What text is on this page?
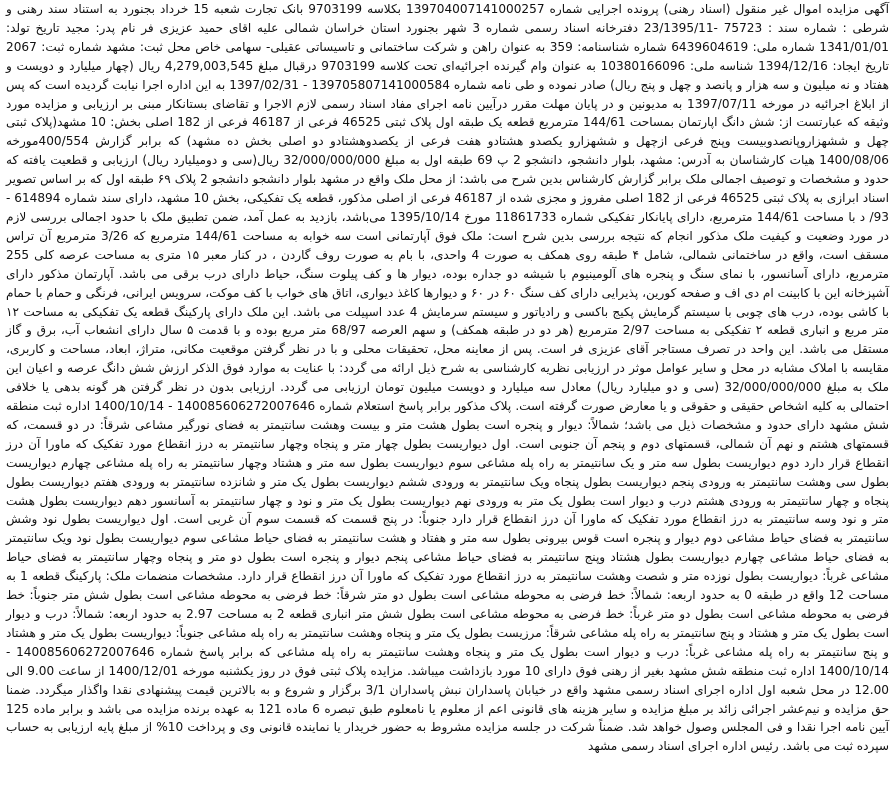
آگهی مزایده اموال غیر منقول (اسناد رهنی) پرونده اجرایی شماره 139704007141000257 بکلاسه 9703199 بانک تجارت شعبه 15 خرداد بجنورد به استناد سند رهنی و شرطی : شماره سند : 75723 -23/1395/11 دفترخانه اسناد رسمی شماره 3 شهر بجنورد استان خراسان شمالی علیه اقای حمید عزیزی فر نام پدر: مجید تاریخ تولد: 1341/01/01 شماره ملی: 6439604619 شماره شناسنامه: 359 به عنوان راهن و شرکت ساختمانی و تاسیساتی عقیلی- سهامی خاص محل ثبت: مشهد شماره ثبت: 2067 تاریخ ایجاد: 1394/12/16 شناسه ملی: 10380166096 به عنوان وام گیرنده اجرائیه‌ای تحت کلاسه 9703199 درقبال مبلغ 4,279,003,545 ریال (چهار میلیارد و دویست و هفتاد و نه میلیون و سه هزار و پانصد و چهل و پنج ریال) صادر نموده و طی نامه شماره 139705807141000584 - 1397/02/31 به این اداره اجرا نیابت گردیده است که پس از ابلاغ اجرائیه در مورخه 1397/07/11 به مدیونین و در پایان مهلت مقرر درآیین نامه اجرای مفاد اسناد رسمی لازم الاجرا و تقاضای بستانکار مبنی بر ارزیابی و مزایده مورد وثیقه که عبارتست از: شش دانگ اپارتمان بمساحت 144/61 مترمربع قطعه یک طبقه اول پلاک ثبتی 46525 فرعی از 46187 فرعی از 182 اصلی بخش: 10 مشهد(پلاک ثبتی چهل و ششهزاروپانصدوبیست وپنج فرعی ازچهل و ششهزارو یکصدو هشتادو هفت فرعی از یکصدوهشتادو دو اصلی بخش ده مشهد) که برابر گزارش 400/554مورخه 1400/08/06 هیات کارشناسان به آدرس: مشهد، بلوار دانشجو، دانشجو 2 پ 69 طبقه اول به مبلغ 32/000/000/000 ریال(سی و دومیلیارد ریال) ارزیابی و قطعیت یافته که حدود و مشخصات و توصیف اجمالی ملک برابر گزارش کارشناس بدین شرح می باشد: از محل ملک واقع در مشهد بلوار دانشجو دانشجو 2 پلاک ۶۹ طبقه اول که بر اساس تصویر اسناد ابرازی به پلاک ثبتی 46525 فرعی از 182 اصلی مفروز و مجزی شده از 46187 فرعی از اصلی مذکور، قطعه یک تفکیکی، بخش 10 مشهد، دارای سند شماره 614894 - 93/ د با مساحت 144/61 مترمربع، دارای پایانکار تفکیکی شماره 11861733 مورخ 1395/10/14 می‌باشد، بازدید به عمل آمد، ضمن تطبیق ملک با حدود اجمالی بررسی لازم در مورد وضعیت و کیفیت ملک مذکور انجام که نتیجه بررسی بدین شرح است: ملک فوق آپارتمانی است سه خوابه به مساحت 144/61 مترمربع که 3/26 مترمربع آن تراس مسقف است، واقع در ساختمانی شمالی، شامل ۴ طبقه روی همکف به صورت 4 واحدی، با بام به صورت روف گاردن ، در کنار معبر ۱۵ متری به مساحت عرصه کلی 255 مترمربع، دارای آسانسور، با نمای سنگ و پنجره های آلومینیوم با شیشه دو جداره بوده، دیوار ها و کف پیلوت سنگ، حیاط دارای درب برقی می باشد. آپارتمان مذکور دارای آشپزخانه این با کابینت ام دی اف و صفحه کورین، پذیرایی دارای کف سنگ ۶۰ در ۶۰ و دیوارها کاغذ دیواری، اتاق های خواب با کف موکت، سرویس ایرانی، فرنگی و حمام با حمام با کاشی بوده، درب های چوبی با سیستم گرمایش پکیج باکسی و رادیاتور و سیستم سرمایش 4 عدد اسپیلت می باشد. این ملک دارای پارکینگ قطعه یک تفکیکی به مساحت ۱۲ متر مربع و انباری قطعه ۲ تفکیکی به مساحت 2/97 مترمربع (هر دو در طبقه همکف) و سهم العرصه 68/97 متر مربع بوده و با قدمت ۵ سال دارای انشعاب آب، برق و گاز مستقل می باشد. این واحد در تصرف مستاجر آقای عزیزی فر است. پس از معاینه محل، تحقیقات محلی و با در نظر گرفتن موقعیت مکانی، متراژ، ابعاد، مساحت و کاربری، مقایسه با املاک مشابه در محل و سایر عوامل موثر در ارزیابی نظریه کارشناسی به شرح ذیل ارائه می گردد: با عنایت به موارد فوق الذکر ارزش شش دانگ عرصه و اعیان این ملک به مبلغ 32/000/000/000 (سی و دو میلیارد ریال) معادل سه میلیارد و دویست میلیون تومان ارزیابی می گردد. ارزیابی بدون در نظر گرفتن هر گونه بدهی یا خلافی احتمالی به کلیه اشخاص حقیقی و حقوقی و یا معارض صورت گرفته است. پلاک مذکور برابر پاسخ استعلام شماره 140085606272007646 - 1400/10/14 اداره ثبت منطقه شش مشهد دارای حدود و مشخصات ذیل می باشد؛ شمالاً: دیوار و پنجره است بطول هشت متر و بیست وهشت سانتیمتر به فضای نورگیر مشاعی شرقاً: در دو قسمت، که قسمتهای هشتم و نهم آن شمالی، قسمتهای دوم و پنجم آن جنوبی است. اول دیواریست بطول چهار متر و پنجاه وچهار سانتیمتر به درز انقطاع مورد تفکیک که ماورا آن درز انقطاع قرار دارد دوم دیواریست بطول سه متر و یک سانتیمتر به راه پله مشاعی سوم دیواریست بطول سه متر و هشتاد وچهار سانتیمتر به راه پله مشاعی چهارم دیواریست بطول سی وهشت سانتیمتر به ورودی پنجم دیواریست بطول پنجاه ویک سانتیمتر به ورودی ششم دیواریست بطول یک متر و شانزده سانتیمتر به ورودی هفتم دیواریست بطول پنجاه و چهار سانتیمتر به ورودی هشتم درب و دیوار است بطول یک متر به ورودی نهم دیواریست بطول یک متر و نود و چهار سانتیمتر به آسانسور دهم دیواریست بطول هشت متر و نود وسه سانتیمتر به درز انقطاع مورد تفکیک که ماورا آن درز انقطاع قرار دارد جنوباً: در پنج قسمت که قسمت سوم آن غربی است. اول دیواریست بطول نود وشش سانتیمتر به فضای حیاط مشاعی دوم دیوار و پنجره است قوس بیرونی بطول سه متر و هفتاد و هشت سانتیمتر به فضای حیاط مشاعی سوم دیواریست بطول نود ویک سانتیمتر به فضای حیاط مشاعی چهارم دیواریست بطول هشتاد وپنج سانتیمتر به فضای حیاط مشاعی پنجم دیوار و پنجره است بطول دو متر و پنجاه وچهار سانتیمتر به فضای حیاط مشاعی غرباً: دیواریست بطول نوزده متر و شصت وهشت سانتیمتر به درز انقطاع مورد تفکیک که ماورا آن درز انقطاع قرار دارد. مشخصات منضمات ملک: پارکینگ قطعه 1 به مساحت 12 واقع در طبقه 0 به حدود اربعه: شمالاً: خط فرضی به محوطه مشاعی است بطول دو متر شرقاً: خط فرضی به محوطه مشاعی است بطول شش متر جنوباً: خط فرضی به محوطه مشاعی است بطول دو متر غرباً: خط فرضی به محوطه مشاعی است بطول شش متر انباری قطعه 2 به مساحت 2.97 به حدود اربعه: شمالاً: درب و دیوار است بطول یک متر و هشتاد و پنج سانتیمتر به راه پله مشاعی شرقاً: مرزیست بطول یک متر و پنجاه وهشت سانتیمتر به راه پله مشاعی جنوباً: دیواریست بطول یک متر و هشتاد و پنج سانتیمتر به راه پله مشاعی غرباً: درب و دیوار است بطول یک متر و پنجاه وهشت سانتیمتر به راه پله مشاعی که برابر پاسخ شماره 140085606272007646 - 1400/10/14 اداره ثبت منطقه شش مشهد بغیر از رهنی فوق دارای 10 مورد بازداشت میباشد. مزایده پلاک ثبتی فوق در روز یکشنبه مورخه 1400/12/01 از ساعت 9.00 الی 12.00 در محل شعبه اول اداره اجرای اسناد رسمی مشهد واقع در خیابان پاسداران نبش پاسداران 3/1 برگزار و شروع و به بالاترین قیمت پیشنهادی نقدا واگذار میگردد. ضمنا حق مزایده و نیم‌عشر اجرائی زائد بر مبلغ مزایده و سایر هزینه های قانونی اعم از معلوم یا نامعلوم طبق تبصره 6 ماده 121 به عهده برنده مزایده می باشد و برابر ماده 125 آیین نامه اجرا نقدا و فی المجلس وصول خواهد شد. ضمناً شرکت در جلسه مزایده مشروط به حضور خریدار یا نماینده قانونی وی و پرداخت 10% از مبلغ پایه ارزیابی به حساب سپرده ثبت می باشد. رئیس اداره اجرای اسناد رسمی مشهد
